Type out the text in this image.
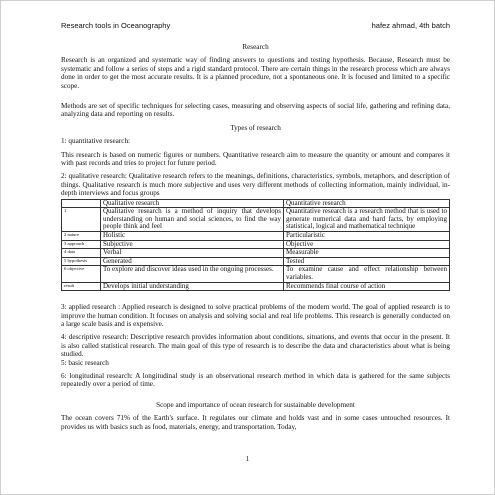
Research tools in Oceanography	hafez ahmad, 4th batch

Research

Research is an organized and systematic way of finding answers to questions and testing hypothesis. Because, Research must be systematic and follow a series of steps and a rigid standard protocol. There are certain things in the research process which are always done in order to get the most accurate results. It is a planned procedure, not a spontaneous one. It is focused and limited to a specific scope.

Methods are set of specific techniques for selecting cases, measuring and observing aspects of social life, gathering and refining data, analyzing data and reporting on results.

Types of research

1: quantitative research:

This research is based on numeric figures or numbers. Quantitative research aim to measure the quantity or amount and compares it with past records and tries to project for future period.

2: qualitative research: Qualitative research refers to the meanings, definitions, characteristics, symbols, metaphors, and description of things. Qualitative research is much more subjective and uses very different methods of collecting information, mainly individual, in-depth interviews and focus groups

	Qualitative research	Quantitative research
1	Qualitative research is a method of inquiry that develops understanding on human and social sciences, to find the way people think and feel	Quantitative research is a research method that is used to generate numerical data and hard facts, by employing statistical, logical and mathematical technique
2 nature	Holistic	Particularistic
3 approach	Subjective	Objective
4 data	Verbal	Measurable
5 hypothesis	Generated	Tested
6 objective	To explore and discover ideas used in the ongoing processes.	To examine cause and effect relationship between variables.
result	Develops initial understanding	Recommends final course of action

3: applied research : Applied research is designed to solve practical problems of the modern world. The goal of applied research is to improve the human condition. It focuses on analysis and solving social and real life problems. This research is generally conducted on a large scale basis and is expensive.

4: descriptive research: Descriptive research provides information about conditions, situations, and events that occur in the present. It is also called statistical research. The main goal of this type of research is to describe the data and characteristics about what is being studied.

5: basic research

6: longitudinal research: A longitudinal study is an observational research method in which data is gathered for the same subjects repeatedly over a period of time.

Scope and importance of ocean research for sustainable development

The ocean covers 71% of the Earth's surface. It regulates our climate and holds vast and in some cases untouched resources. It provides us with basics such as food, materials, energy, and transportation. Today,

1
